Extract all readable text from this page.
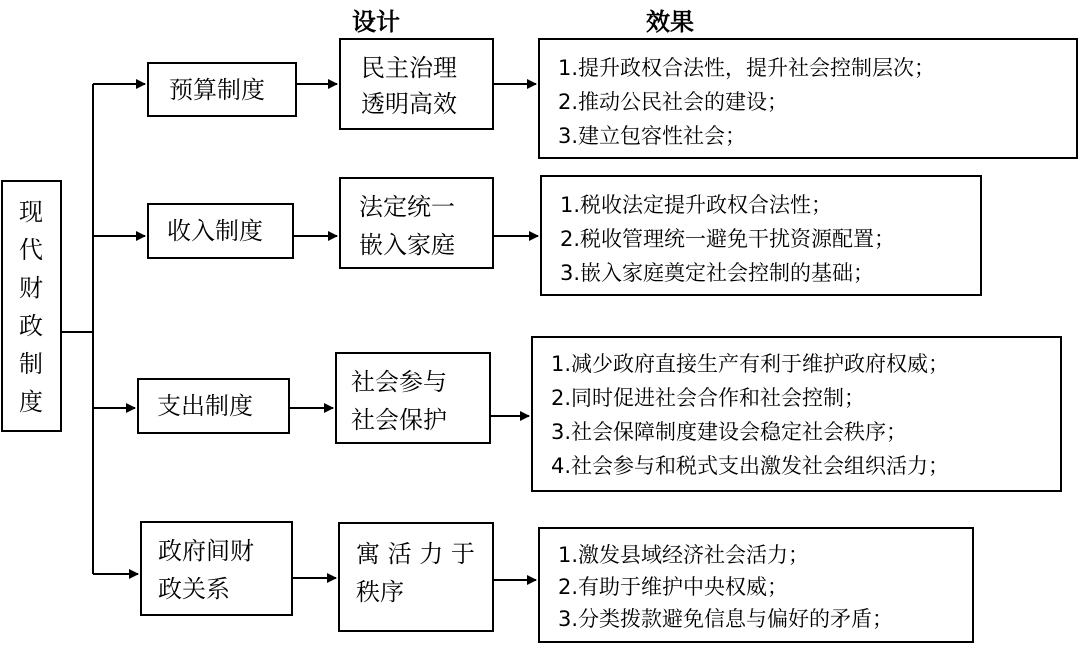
设计	效果
现
代
财
政
制
度
预算制度
民主治理
透明高效
1.提升政权合法性，提升社会控制层次；
2.推动公民社会的建设；
3.建立包容性社会；
收入制度
法定统一
嵌入家庭
1.税收法定提升政权合法性；
2.税收管理统一避免干扰资源配置；
3.嵌入家庭奠定社会控制的基础；
支出制度
社会参与
社会保护
1.减少政府直接生产有利于维护政府权威；
2.同时促进社会合作和社会控制；
3.社会保障制度建设会稳定社会秩序；
4.社会参与和税式支出激发社会组织活力；
政府间财
政关系
寓 活 力 于
秩序
1.激发县域经济社会活力；
2.有助于维护中央权威；
3.分类拨款避免信息与偏好的矛盾；
